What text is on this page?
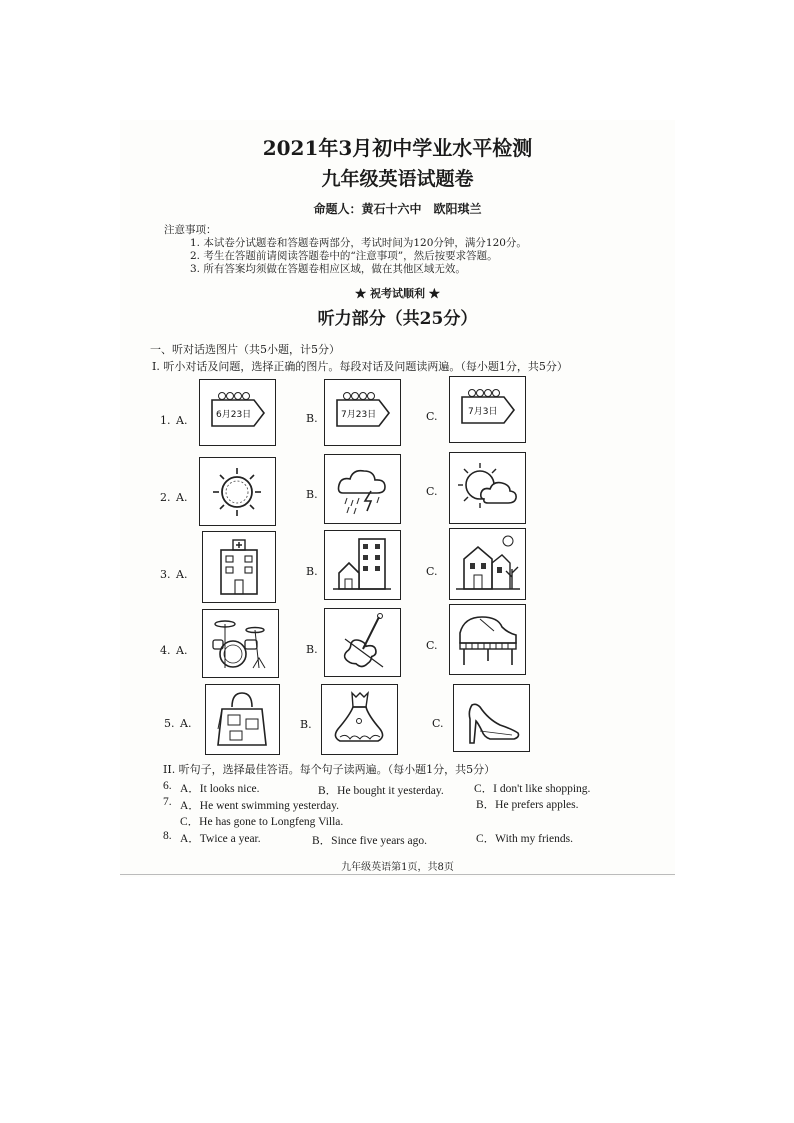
2021年3月初中学业水平检测
九年级英语试题卷
命题人：黄石十六中　欧阳琪兰
注意事项：
1. 本试卷分试题卷和答题卷两部分，考试时间为120分钟，满分120分。
2. 考生在答题前请阅读答题卷中的“注意事项”，然后按要求答题。
3. 所有答案均须做在答题卷相应区域，做在其他区域无效。
★ 祝考试顺利 ★
听力部分（共25分）
一、听对话选图片（共5小题，计5分）
Ⅰ. 听小对话及问题，选择正确的图片。每段对话及问题读两遍。（每小题1分，共5分）
1. A.	6月23日	B.	7月23日	C.	7月3日
2. A.	B.	C.
3. A.	B.	C.
4. A.	B.	C.
5. A.	B.	C.
II. 听句子，选择最佳答语。每个句子读两遍。（每小题1分，共5分）
6. A．It looks nice.	B．He bought it yesterday.	C．I don't like shopping.
7. A．He went swimming yesterday.	B．He prefers apples.
C．He has gone to Longfeng Villa.
8. A．Twice a year.	B．Since five years ago.	C．With my friends.
九年级英语第1页，共8页
